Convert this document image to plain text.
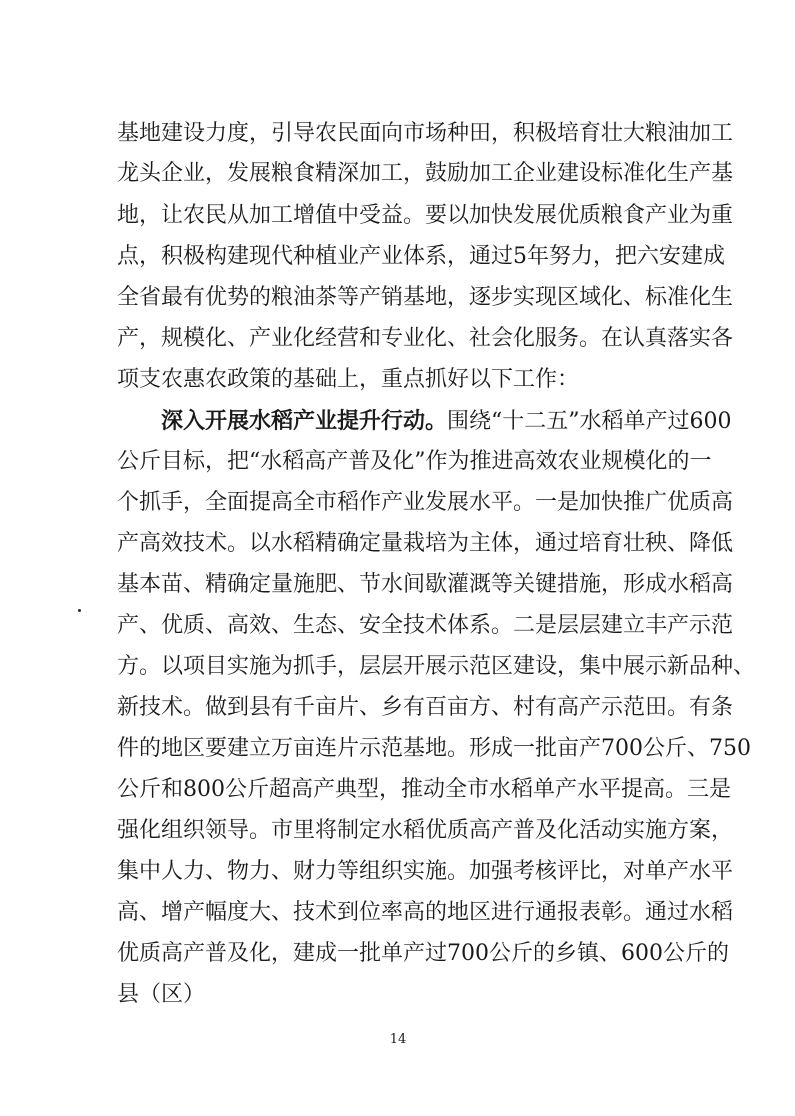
基地建设力度，引导农民面向市场种田，积极培育壮大粮油加工
龙头企业，发展粮食精深加工，鼓励加工企业建设标准化生产基
地，让农民从加工增值中受益。要以加快发展优质粮食产业为重
点，积极构建现代种植业产业体系，通过5年努力，把六安建成
全省最有优势的粮油茶等产销基地，逐步实现区域化、标准化生
产，规模化、产业化经营和专业化、社会化服务。在认真落实各
项支农惠农政策的基础上，重点抓好以下工作：
深入开展水稻产业提升行动。围绕“十二五”水稻单产过600
公斤目标，把“水稻高产普及化”作为推进高效农业规模化的一
个抓手，全面提高全市稻作产业发展水平。一是加快推广优质高
产高效技术。以水稻精确定量栽培为主体，通过培育壮秧、降低
基本苗、精确定量施肥、节水间歇灌溉等关键措施，形成水稻高
产、优质、高效、生态、安全技术体系。二是层层建立丰产示范
方。以项目实施为抓手，层层开展示范区建设，集中展示新品种、
新技术。做到县有千亩片、乡有百亩方、村有高产示范田。有条
件的地区要建立万亩连片示范基地。形成一批亩产700公斤、750
公斤和800公斤超高产典型，推动全市水稻单产水平提高。三是
强化组织领导。市里将制定水稻优质高产普及化活动实施方案，
集中人力、物力、财力等组织实施。加强考核评比，对单产水平
高、增产幅度大、技术到位率高的地区进行通报表彰。通过水稻
优质高产普及化，建成一批单产过700公斤的乡镇、600公斤的
县（区）
14
